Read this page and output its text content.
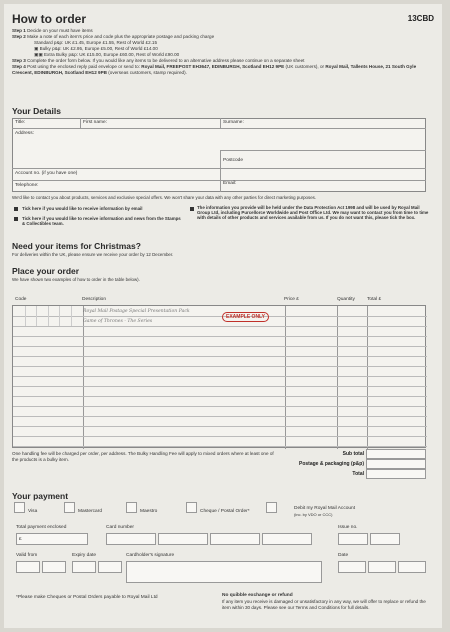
13CBD
How to order
Step 1 Decide on your must have items
Step 2 Make a note of each item's price and code plus the appropriate postage and packing charge
Standard p&p: UK £1.45, Europe £1.55, Rest of World £2.15
▣ Bulky p&p: UK £2.95, Europe £5.00, Rest of World £14.00
▣▣ Extra Bulky p&p: UK £15.00, Europe £60.00, Rest of World £90.00
Step 3 Complete the order form below. If you would like any items to be delivered to an alternative address please continue on a separate sheet
Step 4 Post using the enclosed reply paid envelope or send to: Royal Mail, FREEPOST EH3647, EDINBURGH, Scotland EH12 9PE (UK customers), or Royal Mail, Tallents House, 21 South Gyle Crescent, EDINBURGH, Scotland EH12 9PB (overseas customers, stamp required).
Your Details
Title:	First name:	Surname:
Address:
Postcode
Account no. (if you have one)
Telephone:	Email:
We'd like to contact you about products, services and exclusive special offers. We won't share your data with any other parties for direct marketing purposes.
Tick here if you would like to receive information by email
Tick here if you would like to receive information and news from the Stamps & Collectibles team.
The information you provide will be held under the Data Protection Act 1998 and will be used by Royal Mail Group Ltd, including Purcellorce Worldwide and Post Office Ltd. We may want to contact you from time to time with details of other products and services available from us. If you do not want this, please tick the box.
Need your items for Christmas?
For deliveries within the UK, please ensure we receive your order by 12 December.
Place your order
We have shown two examples of how to order in the table below).
Code	Description	Price £	Quantity	Total £
Royal Mail Postage Special Presentation Pack
Game of Thrones - The Series
EXAMPLE ONLY
One handling fee will be charged per order, per address. The Bulky Handling Fee will apply to mixed orders where at least one of the products is a bulky item.
Sub total
Postage & packaging (p&p)
Total
Your payment
Visa	Mastercard	Maestro	Cheque / Postal Order*
Debit my Royal Mail Account
(inc. by VDO or CCC)
Total payment enclosed	Card number	Issue no.
£
Valid from	Expiry date	Cardholder's signature	Date
*Please make Cheques or Postal Orders payable to Royal Mail Ltd	No quibble exchange or refund
If any item you receive is damaged or unsatisfactory in any way, we will offer to replace or refund the item within 30 days. Please see our Terms and Conditions for full details.
